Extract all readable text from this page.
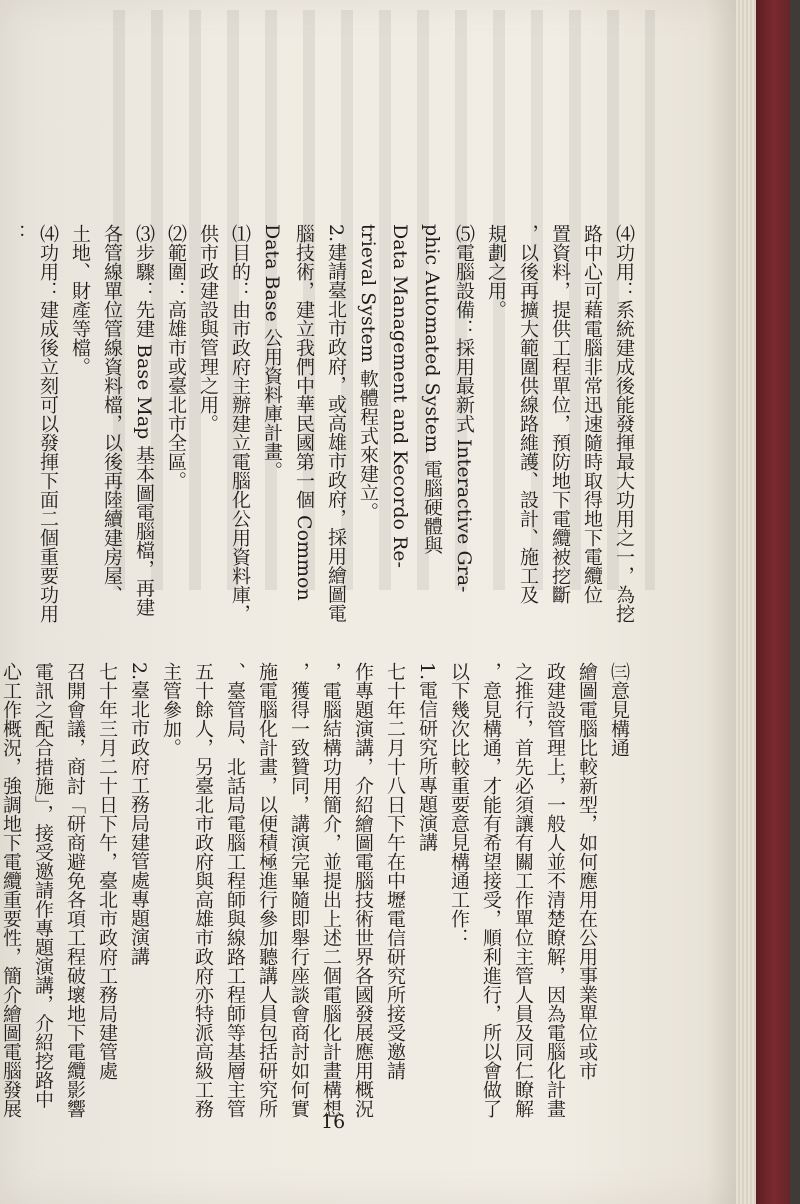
⑷功用：系統建成後能發揮最大功用之一，為挖
路中心可藉電腦非常迅速隨時取得地下電纜位
置資料，提供工程單位，預防地下電纜被挖斷
，以後再擴大範圍供線路維護、設計、施工及
規劃之用。
⑸電腦設備：採用最新式 Interactive Gra-
phic Automated System 電腦硬體與
Data Management and Kecordo Re-
trieval System 軟體程式來建立。
2.建請臺北市政府，或高雄市政府，採用繪圖電
腦技術，建立我們中華民國第一個 Common
Data Base 公用資料庫計畫。
⑴目的：由市政府主辦建立電腦化公用資料庫，
供市政建設與管理之用。
⑵範圍：高雄市或臺北市全區。
⑶步驟：先建 Base Map 基本圖電腦檔，再建
各管線單位管線資料檔，以後再陸續建房屋、
土地、財產等檔。
⑷功用：建成後立刻可以發揮下面二個重要功用
：
㈢意見構通
繪圖電腦比較新型，如何應用在公用事業單位或市
政建設管理上，一般人並不清楚瞭解，因為電腦化計畫
之推行，首先必須讓有關工作單位主管人員及同仁瞭解
，意見構通，才能有希望接受，順利進行，所以會做了
以下幾次比較重要意見構通工作：
1.電信研究所專題演講
七十年二月十八日下午在中壢電信研究所接受邀請
作專題演講，介紹繪圖電腦技術世界各國發展應用概況
，電腦結構功用簡介，並提出上述二個電腦化計畫構想
，獲得一致贊同，講演完畢隨即舉行座談會商討如何實
施電腦化計畫，以便積極進行參加聽講人員包括研究所
、臺管局、北話局電腦工程師與線路工程師等基層主管
五十餘人，另臺北市政府與高雄市政府亦特派高級工務
主管參加。
2.臺北市政府工務局建管處專題演講
七十年三月二十日下午，臺北市政府工務局建管處
召開會議，商討「研商避免各項工程破壞地下電纜影響
電訊之配合措施」，接受邀請作專題演講，介紹挖路中
心工作概況，強調地下電纜重要性，簡介繪圖電腦發展
16
